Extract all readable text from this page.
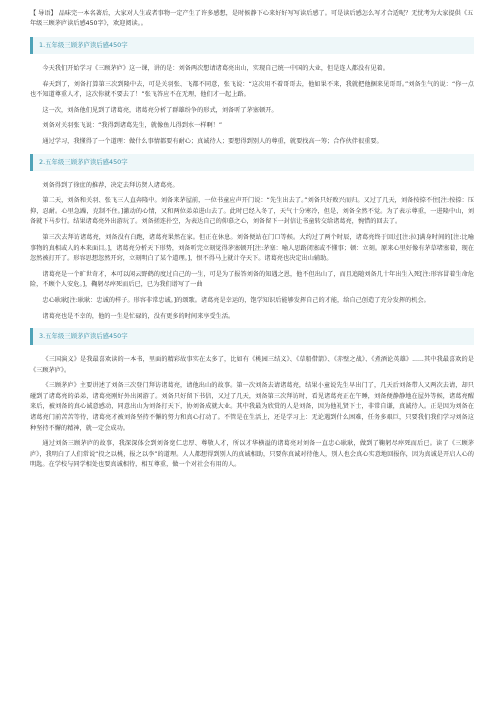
【 导语】 品味完一本名著后，大家对人生或者事物一定产生了许多感想，是时候静下心来好好写写读后感了。可是读后感怎么写才合适呢？无忧考为大家提供《五年级三顾茅庐读后感450字》，欢迎阅读。。

1.五年级三顾茅庐读后感450字

今天我们开始学习《三顾茅庐》这一课，讲的是：刘备两次想请诸葛亮出山，实现自己统一中国的大业，但是连人都没有见着。

春天到了，刘备打算第三次到隆中去，可是关羽张、飞都不同意，张飞说：“这次用不着哥哥去，他如果不来，我就把他捆来见哥哥。”刘备生气的说：“你一点也不知道尊重人才，这次你就不要去了！”张飞答应不在无理，他们才一起上路。

这一次，刘备他们见到了诸葛亮，诸葛亮分析了群雄纷争的形式，刘备听了茅塞顿开。

刘备对关羽张飞说：“我得到诸葛先生，就像鱼儿得到水一样啊！”

通过学习，我懂得了一个道理：做什么事情都要有耐心；真诚待人；要想得到别人的尊重，就要找高一筹；合作伙伴很重要。

2.五年级三顾茅庐读后感450字

刘备得到了徐庶的推荐，决定去拜访贤人诸葛亮。

第二天，刘备和关羽、张飞三人直奔隆中。刘备来茅屋前，一位书童应声开门说：“先生出去了。”刘备只好败兴而归。又过了几天，刘备按捺不住[注:按捺：压抑，忍耐。心里急躁，克制不住。]激动的心情，又和两位弟弟进山去了。此时已经入冬了，天气十分寒冷，但是，刘备全然不觉。为了表示尊重，一进隆中山，刘备就下马步行。结果诸葛亮外出游玩了。刘备搓连扑空，为表达自己的仰慕之心，刘备留下一封信让书童转交给诸葛亮，惋惜的回去了。

第三次去拜访诸葛亮，刘备没有白跑，诸葛亮果然在家。但正在休息。刘备便站在门口等候。大约过了两个时辰，诸葛亮终于回过[注:拉]满身时间的[注:比喻事物的真相或人的本来面目。]，诸葛亮分析天下形势，刘备听完立刻觉得茅塞顿开[注:茅塞：喻人思路闭塞或不懂事；顿：立刻。原来心里好像有茅草堵塞着，现在忽然被打开了。形容思想忽然开窍，立刻明白了某个道理。]，恨不得马上就计夺天下。诸葛亮也决定出山辅助。

诸葛亮是一个旷世奇才，本可以闲云野鹤的度过自己的一生，可是为了报答刘备的知遇之恩，他不但出山了，而且追随刘备几十年出生入死[注:形容冒着生命危险，不顾个人安危。]，鞠躬尽瘁死而后已，已为我们谱写了一曲

忠心耿耿[注:耿耿：忠诚的样子。形容非常忠诚。]的颂歌。诸葛亮是幸运的，饱学知识后能够发挥自己的才能，给自己创造了充分发挥的机会。

诸葛亮也是不幸的，他的一生是忙碌的，没有更多的时间来享受生活。

3.五年级三顾茅庐读后感450字

《三国演义》是我最喜欢读的一本书，里面的精彩故事实在太多了，比如有《桃园三结义》、《草船借箭》、《赤壁之战》、《煮酒论英雄》......其中我最喜欢的是《三顾茅庐》。

《三顾茅庐》主要讲述了刘备三次登门拜访诸葛亮，请他出山的故事。第一次刘备去请诸葛亮，结果小童说先生早出门了，几天后刘备带人又两次去请，却只碰到了诸葛亮的弟弟，诸葛亮刚好外出闲游了。刘备只好留下书信，又过了几天，刘备第三次拜访时，看见诸葛亮正在午睡，刘备便静静地在屋外等候，诸葛亮醒来后，被刘备的真心诚意感动，同意出山为刘备打天下，协刘备成就大业。其中我最为欣赏的人是刘备，因为他礼贤下士，非常自谦，真诚待人。正是因为刘备在诸葛亮门前苦苦等待，诸葛亮才被刘备坚持不懈的努力和真心打动了。不管是在生活上，还是学习上：无论遇到什么困难，任务多艰巨，只要我们我们学习刘备这种坚持不懈的精神，就一定会成功。

通过刘备三顾茅庐的故事，我深深体会到刘备宽仁忠厚、尊敬人才，所以才华横溢的诸葛亮对刘备一直忠心耿耿，做到了鞠躬尽瘁死而后已。读了《三顾茅庐》，我明白了人们常说“投之以桃，报之以李”的道理。人人都想得到别人的真诚相助，只要你真诚对待他人，别人也会真心实意地回报你，因为真诚是开启人心的明匙。在学校与同学相处也要真诚相待，相互尊重，做一个对社会有用的人。
